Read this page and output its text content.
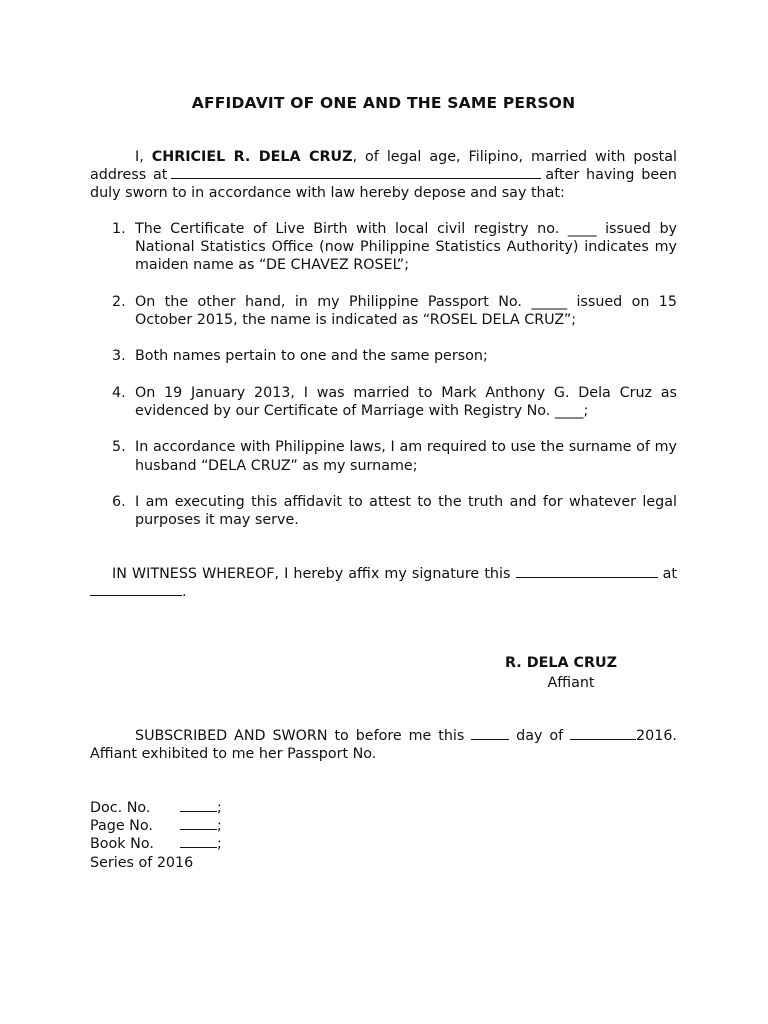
AFFIDAVIT OF ONE AND THE SAME PERSON

I, CHRICIEL R. DELA CRUZ, of legal age, Filipino, married with postal address at	after having been duly sworn to in accordance with law hereby depose and say that:

1. The Certificate of Live Birth with local civil registry no. ____ issued by National Statistics Office (now Philippine Statistics Authority) indicates my maiden name as “DE CHAVEZ ROSEL”;
2. On the other hand, in my Philippine Passport No. _____ issued on 15 October 2015, the name is indicated as “ROSEL DELA CRUZ”;
3. Both names pertain to one and the same person;
4. On 19 January 2013, I was married to Mark Anthony G. Dela Cruz as evidenced by our Certificate of Marriage with Registry No. ____;
5. In accordance with Philippine laws, I am required to use the surname of my husband “DELA CRUZ” as my surname;
6. I am executing this affidavit to attest to the truth and for whatever legal purposes it may serve.

IN WITNESS WHEREOF, I hereby affix my signature this	at .

R. DELA CRUZ
Affiant

SUBSCRIBED AND SWORN to before me this	day of	2016. Affiant exhibited to me her Passport No.

Doc. No.	;
Page No.	;
Book No.	;
Series of 2016
